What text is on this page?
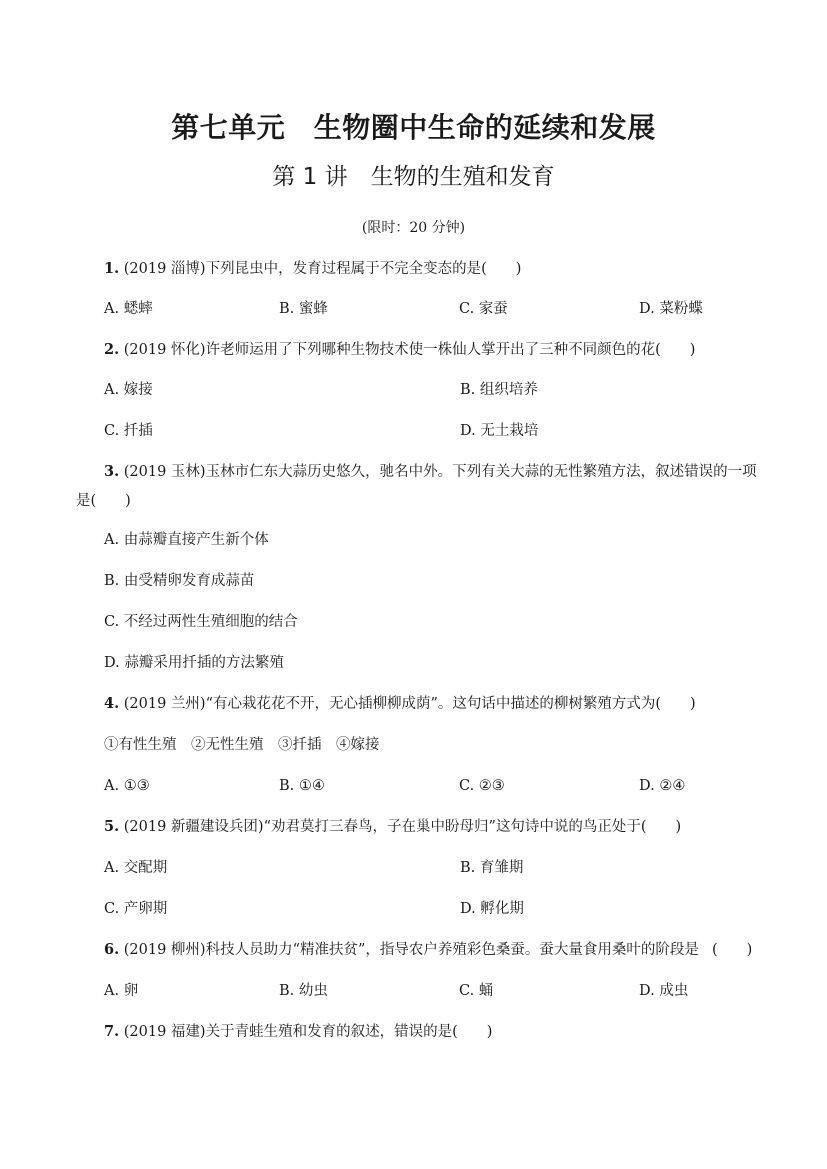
第七单元　生物圈中生命的延续和发展
第 1 讲　生物的生殖和发育
(限时：20 分钟)
1. (2019 淄博)下列昆虫中，发育过程属于不完全变态的是(　　)
A. 蟋蟀	B. 蜜蜂	C. 家蚕	D. 菜粉蝶
2. (2019 怀化)许老师运用了下列哪种生物技术使一株仙人掌开出了三种不同颜色的花(　　)
A. 嫁接	B. 组织培养
C. 扦插	D. 无土栽培
3. (2019 玉林)玉林市仁东大蒜历史悠久，驰名中外。下列有关大蒜的无性繁殖方法，叙述错误的一项
是(　　)
A. 由蒜瓣直接产生新个体
B. 由受精卵发育成蒜苗
C. 不经过两性生殖细胞的结合
D. 蒜瓣采用扦插的方法繁殖
4. (2019 兰州)“有心栽花花不开，无心插柳柳成荫”。这句话中描述的柳树繁殖方式为(　　)
①有性生殖　②无性生殖　③扦插　④嫁接
A. ①③	B. ①④	C. ②③	D. ②④
5. (2019 新疆建设兵团)“劝君莫打三春鸟，子在巢中盼母归”这句诗中说的鸟正处于(　　)
A. 交配期	B. 育雏期
C. 产卵期	D. 孵化期
6. (2019 柳州)科技人员助力“精准扶贫”，指导农户养殖彩色桑蚕。蚕大量食用桑叶的阶段是 (　　)
A. 卵	B. 幼虫	C. 蛹	D. 成虫
7. (2019 福建)关于青蛙生殖和发育的叙述，错误的是(　　)
